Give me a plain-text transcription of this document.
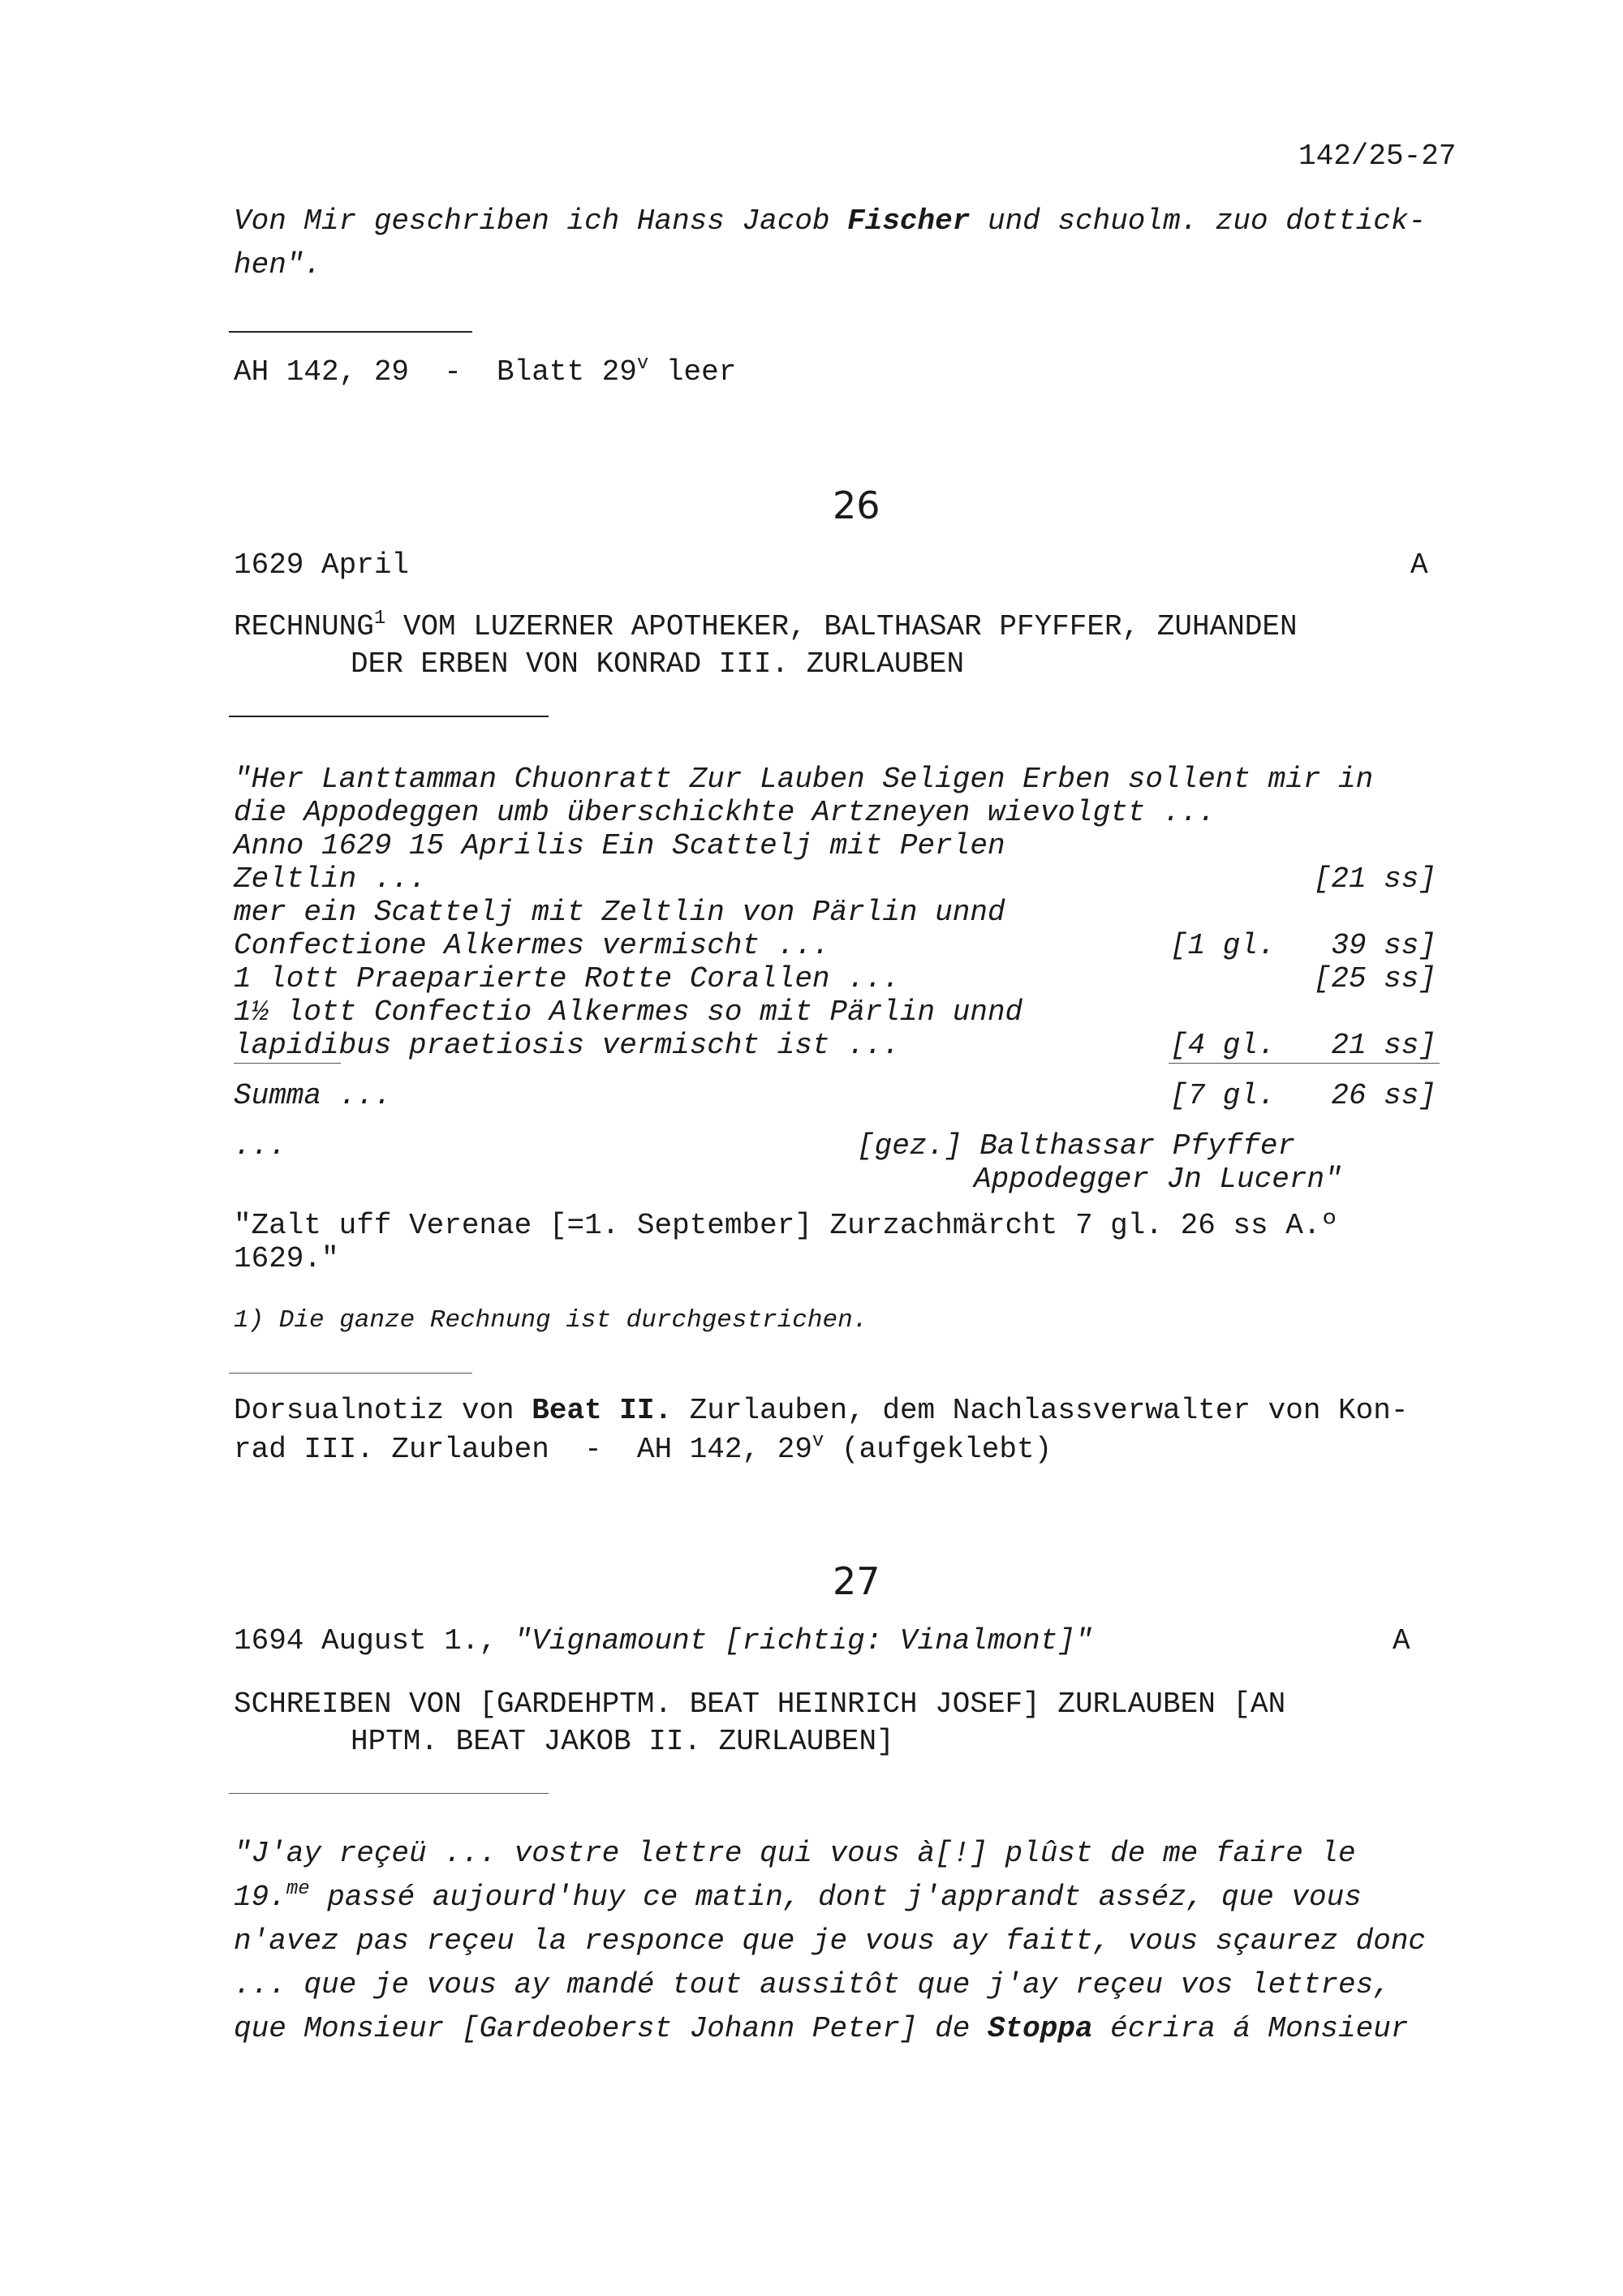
142/25-27
Von Mir geschriben ich Hanss Jacob Fischer und schuolm. zuo dottick-
hen".
AH 142, 29  -  Blatt 29$^v$ leer
26
1629 April	A
RECHNUNG$^1$ VOM LUZERNER APOTHEKER, BALTHASAR PFYFFER, ZUHANDEN
DER ERBEN VON KONRAD III. ZURLAUBEN
"Her Lanttamman Chuonratt Zur Lauben Seligen Erben sollent mir in
die Appodeggen umb überschickhte Artzneyen wievolgtt ...
Anno 1629 15 Aprilis Ein Scattelj mit Perlen
Zeltlin ...	[21 ss]
mer ein Scattelj mit Zeltlin von Pärlin unnd
Confectione Alkermes vermischt ...	[1 gl.	39 ss]
1 lott Praeparierte Rotte Corallen ...	[25 ss]
1½ lott Confectio Alkermes so mit Pärlin unnd
lapidibus praetiosis vermischt ist ...	[4 gl.	21 ss]
Summa ...	[7 gl.	26 ss]
...	[gez.] Balthassar Pfyffer
Appodegger Jn Lucern"
"Zalt uff Verenae [=1. September] Zurzachmärcht 7 gl. 26 ss A.º
1629."
1) Die ganze Rechnung ist durchgestrichen.
Dorsualnotiz von Beat II. Zurlauben, dem Nachlassverwalter von Kon-
rad III. Zurlauben  -  AH 142, 29$^v$ (aufgeklebt)
27
1694 August 1., "Vignamount [richtig: Vinalmont]"	A
SCHREIBEN VON [GARDEHPTM. BEAT HEINRICH JOSEF] ZURLAUBEN [AN
HPTM. BEAT JAKOB II. ZURLAUBEN]
"J'ay reçeü ... vostre lettre qui vous à[!] plûst de me faire le
19.$^{me}$ passé aujourd'huy ce matin, dont j'apprandt asséz, que vous
n'avez pas reçeu la responce que je vous ay faitt, vous sçaurez donc
... que je vous ay mandé tout aussitôt que j'ay reçeu vos lettres,
que Monsieur [Gardeoberst Johann Peter] de Stoppa écrira á Monsieur
